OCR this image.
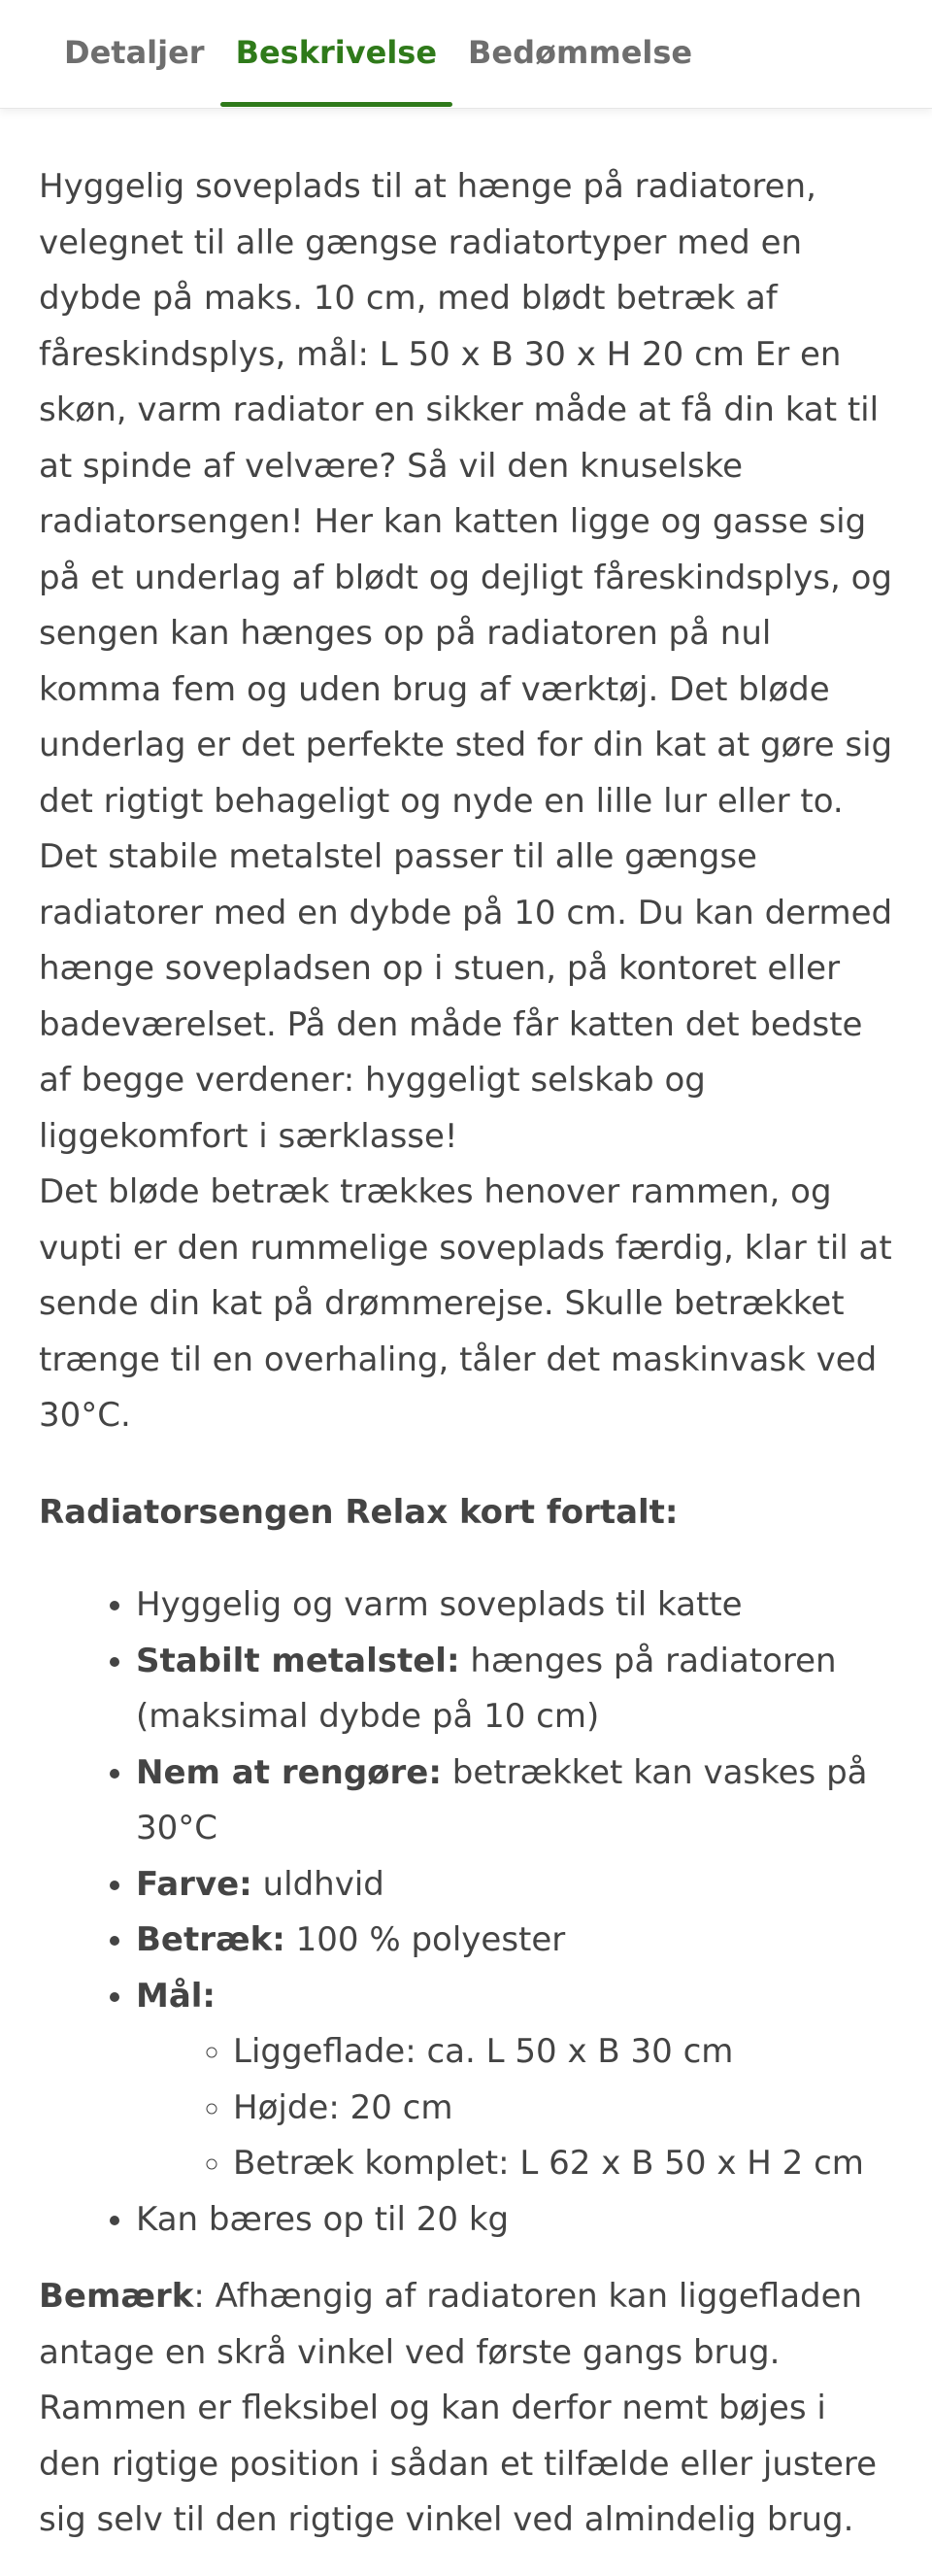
Detaljer	Beskrivelse	Bedømmelse

Hyggelig soveplads til at hænge på radiatoren, velegnet til alle gængse radiatortyper med en dybde på maks. 10 cm, med blødt betræk af fåreskindsplys, mål: L 50 x B 30 x H 20 cm Er en skøn, varm radiator en sikker måde at få din kat til at spinde af velvære? Så vil den knuselske radiatorsengen! Her kan katten ligge og gasse sig på et underlag af blødt og dejligt fåreskindsplys, og sengen kan hænges op på radiatoren på nul komma fem og uden brug af værktøj. Det bløde underlag er det perfekte sted for din kat at gøre sig det rigtigt behageligt og nyde en lille lur eller to.

Det stabile metalstel passer til alle gængse radiatorer med en dybde på 10 cm. Du kan dermed hænge sovepladsen op i stuen, på kontoret eller badeværelset. På den måde får katten det bedste af begge verdener: hyggeligt selskab og liggekomfort i særklasse!

Det bløde betræk trækkes henover rammen, og vupti er den rummelige soveplads færdig, klar til at sende din kat på drømmerejse. Skulle betrækket trænge til en overhaling, tåler det maskinvask ved 30°C.

Radiatorsengen Relax kort fortalt:

• Hyggelig og varm soveplads til katte
• Stabilt metalstel: hænges på radiatoren (maksimal dybde på 10 cm)
• Nem at rengøre: betrækket kan vaskes på 30°C
• Farve: uldhvid
• Betræk: 100 % polyester
• Mål:
◦ Liggeflade: ca. L 50 x B 30 cm
◦ Højde: 20 cm
◦ Betræk komplet: L 62 x B 50 x H 2 cm
• Kan bæres op til 20 kg

Bemærk: Afhængig af radiatoren kan liggefladen antage en skrå vinkel ved første gangs brug. Rammen er fleksibel og kan derfor nemt bøjes i den rigtige position i sådan et tilfælde eller justere sig selv til den rigtige vinkel ved almindelig brug.
